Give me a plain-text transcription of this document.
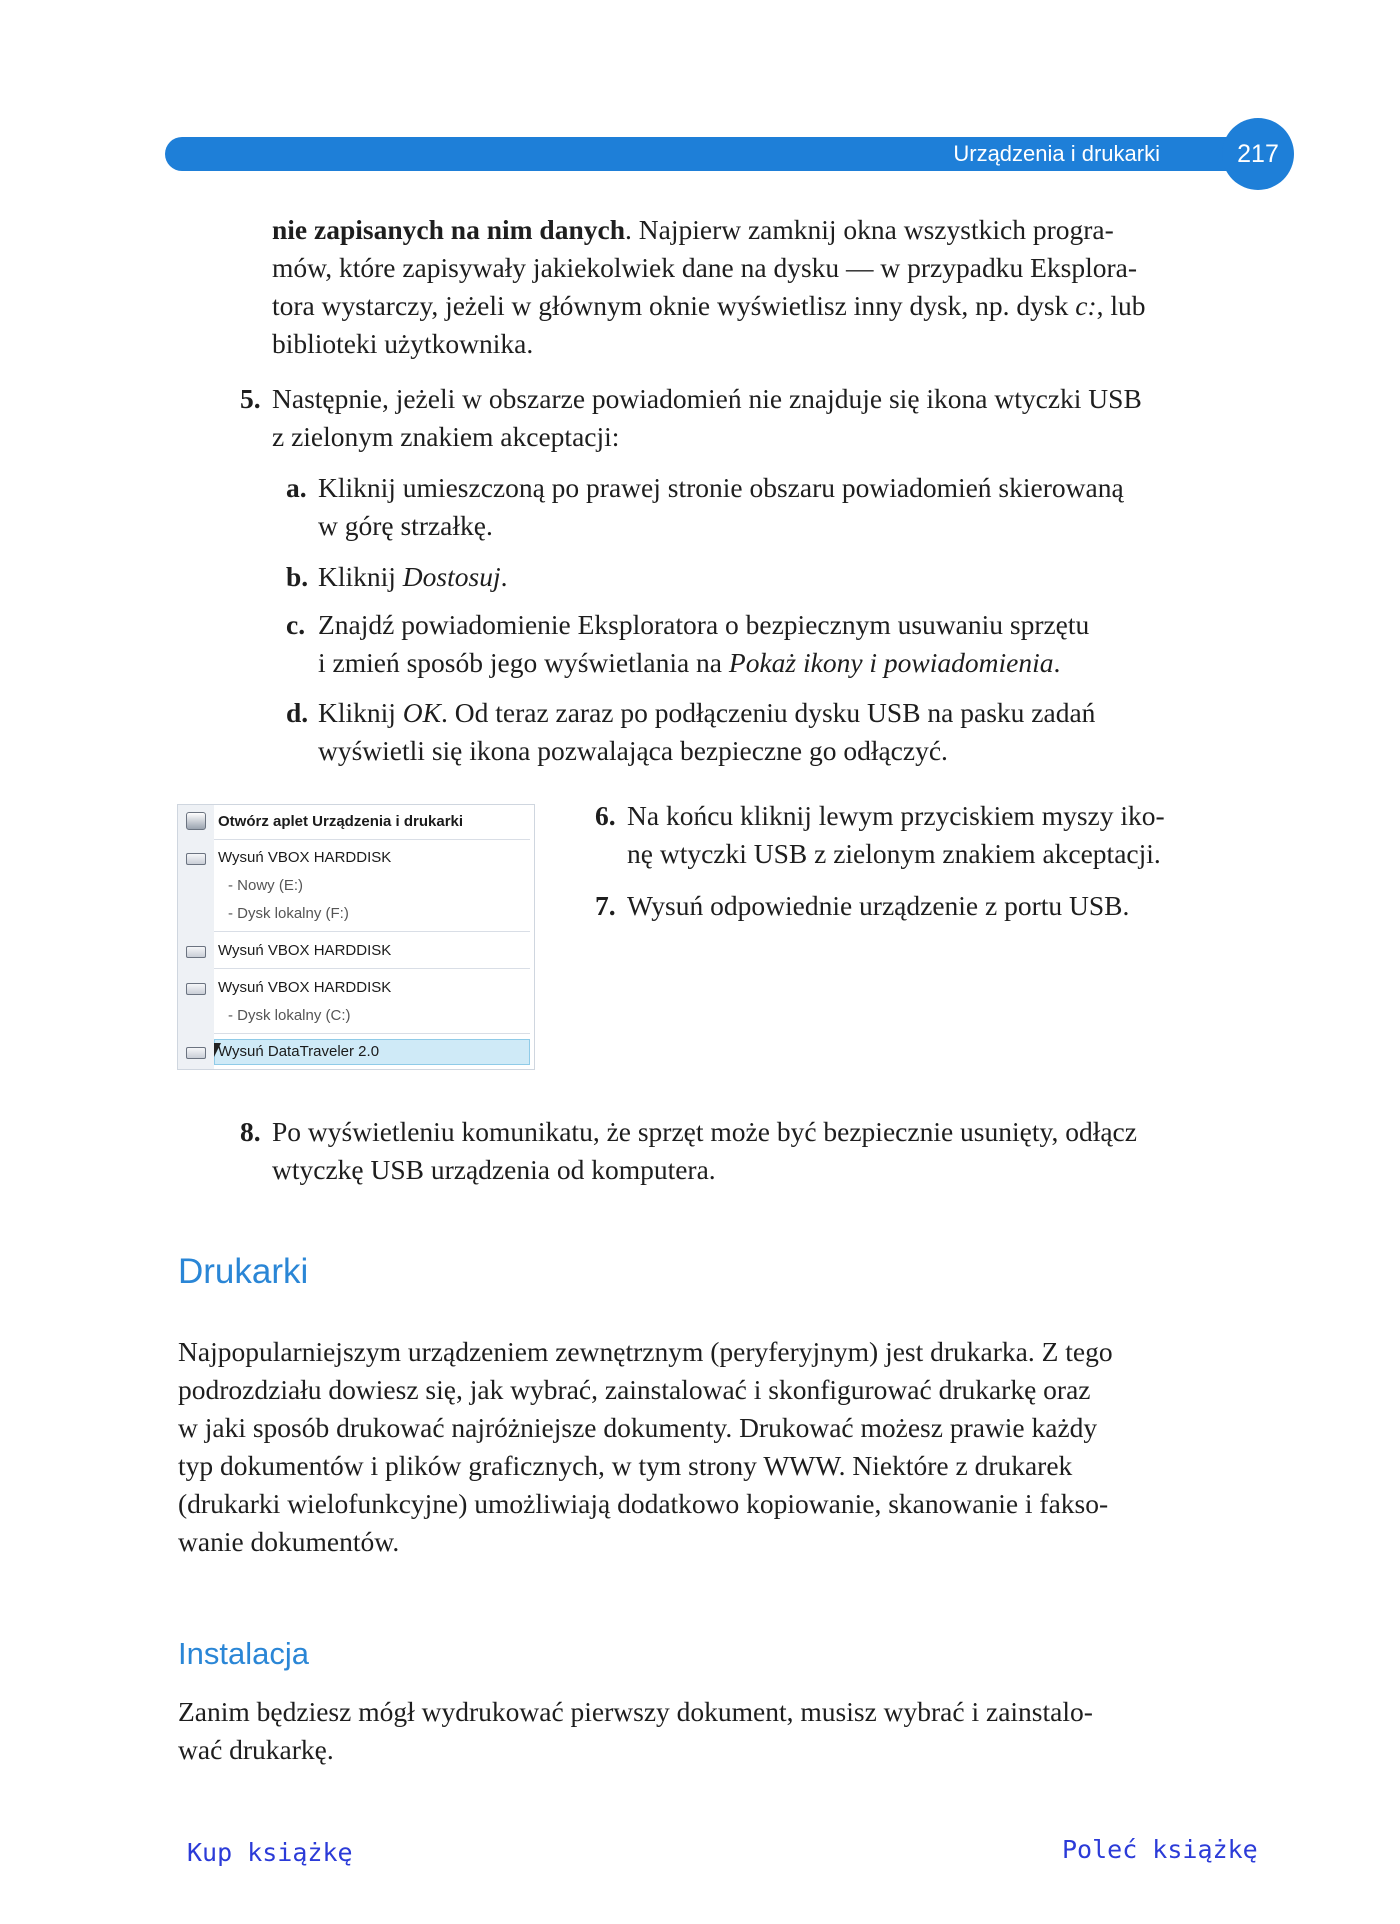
Urządzenia i drukarki	217

nie zapisanych na nim danych. Najpierw zamknij okna wszystkich progra-
mów, które zapisywały jakiekolwiek dane na dysku — w przypadku Eksplora-
tora wystarczy, jeżeli w głównym oknie wyświetlisz inny dysk, np. dysk c:, lub
biblioteki użytkownika.

5. Następnie, jeżeli w obszarze powiadomień nie znajduje się ikona wtyczki USB
z zielonym znakiem akceptacji:
a. Kliknij umieszczoną po prawej stronie obszaru powiadomień skierowaną
w górę strzałkę.
b. Kliknij Dostosuj.
c. Znajdź powiadomienie Eksploratora o bezpiecznym usuwaniu sprzętu
i zmień sposób jego wyświetlania na Pokaż ikony i powiadomienia.
d. Kliknij OK. Od teraz zaraz po podłączeniu dysku USB na pasku zadań
wyświetli się ikona pozwalająca bezpieczne go odłączyć.
Otwórz aplet Urządzenia i drukarki
Wysuń VBOX HARDDISK
- Nowy (E:)
- Dysk lokalny (F:)
Wysuń VBOX HARDDISK
Wysuń VBOX HARDDISK
- Dysk lokalny (C:)
Wysuń DataTraveler 2.0
6. Na końcu kliknij lewym przyciskiem myszy iko-
nę wtyczki USB z zielonym znakiem akceptacji.
7. Wysuń odpowiednie urządzenie z portu USB.
8. Po wyświetleniu komunikatu, że sprzęt może być bezpiecznie usunięty, odłącz
wtyczkę USB urządzenia od komputera.
Drukarki

Najpopularniejszym urządzeniem zewnętrznym (peryferyjnym) jest drukarka. Z tego
podrozdziału dowiesz się, jak wybrać, zainstalować i skonfigurować drukarkę oraz
w jaki sposób drukować najróżniejsze dokumenty. Drukować możesz prawie każdy
typ dokumentów i plików graficznych, w tym strony WWW. Niektóre z drukarek
(drukarki wielofunkcyjne) umożliwiają dodatkowo kopiowanie, skanowanie i fakso-
wanie dokumentów.

Instalacja

Zanim będziesz mógł wydrukować pierwszy dokument, musisz wybrać i zainstalo-
wać drukarkę.

Kup książkę	Poleć książkę
